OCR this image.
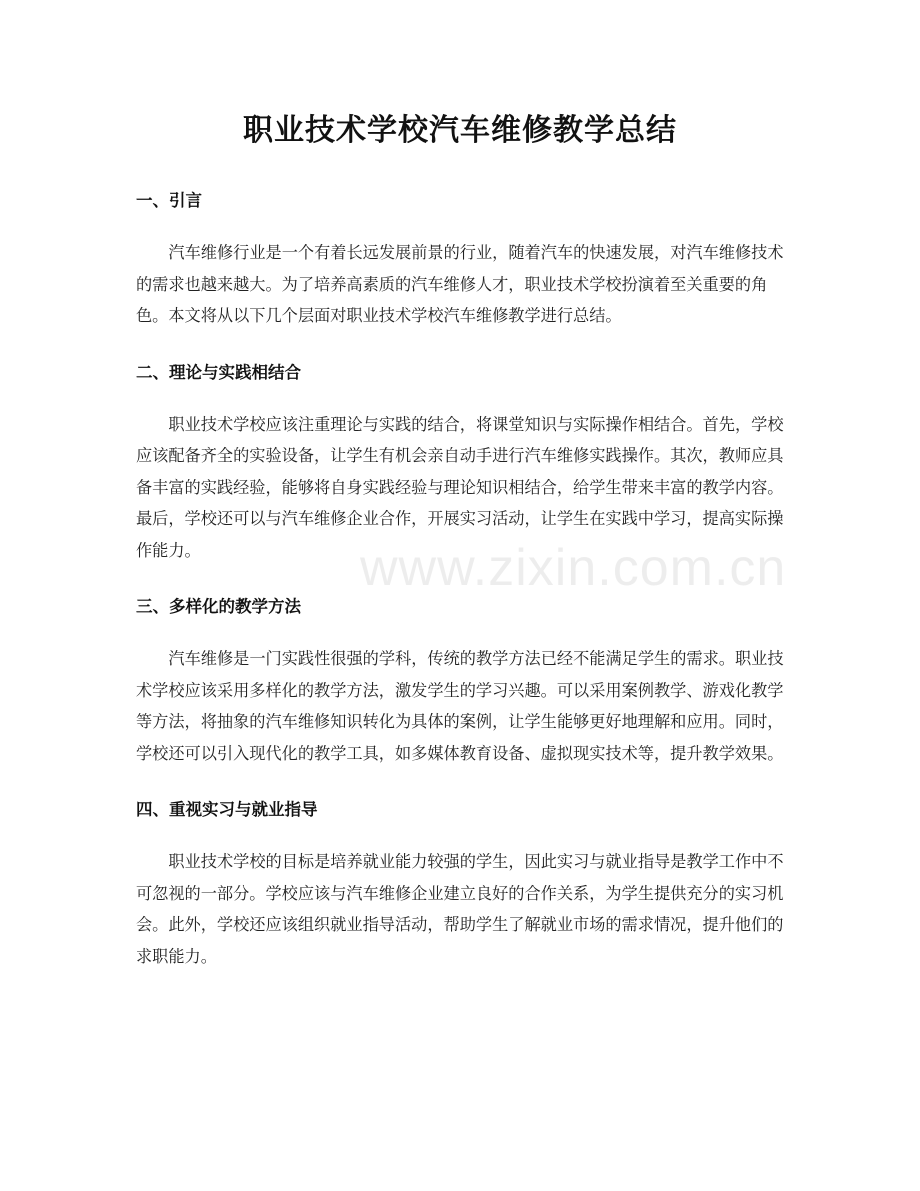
www.zixin.com.cn
职业技术学校汽车维修教学总结
一、引言

汽车维修行业是一个有着长远发展前景的行业，随着汽车的快速发展，对汽车维修技术的需求也越来越大。为了培养高素质的汽车维修人才，职业技术学校扮演着至关重要的角色。本文将从以下几个层面对职业技术学校汽车维修教学进行总结。

二、理论与实践相结合

职业技术学校应该注重理论与实践的结合，将课堂知识与实际操作相结合。首先，学校应该配备齐全的实验设备，让学生有机会亲自动手进行汽车维修实践操作。其次，教师应具备丰富的实践经验，能够将自身实践经验与理论知识相结合，给学生带来丰富的教学内容。最后，学校还可以与汽车维修企业合作，开展实习活动，让学生在实践中学习，提高实际操作能力。

三、多样化的教学方法

汽车维修是一门实践性很强的学科，传统的教学方法已经不能满足学生的需求。职业技术学校应该采用多样化的教学方法，激发学生的学习兴趣。可以采用案例教学、游戏化教学等方法，将抽象的汽车维修知识转化为具体的案例，让学生能够更好地理解和应用。同时，学校还可以引入现代化的教学工具，如多媒体教育设备、虚拟现实技术等，提升教学效果。

四、重视实习与就业指导

职业技术学校的目标是培养就业能力较强的学生，因此实习与就业指导是教学工作中不可忽视的一部分。学校应该与汽车维修企业建立良好的合作关系，为学生提供充分的实习机会。此外，学校还应该组织就业指导活动，帮助学生了解就业市场的需求情况，提升他们的求职能力。
